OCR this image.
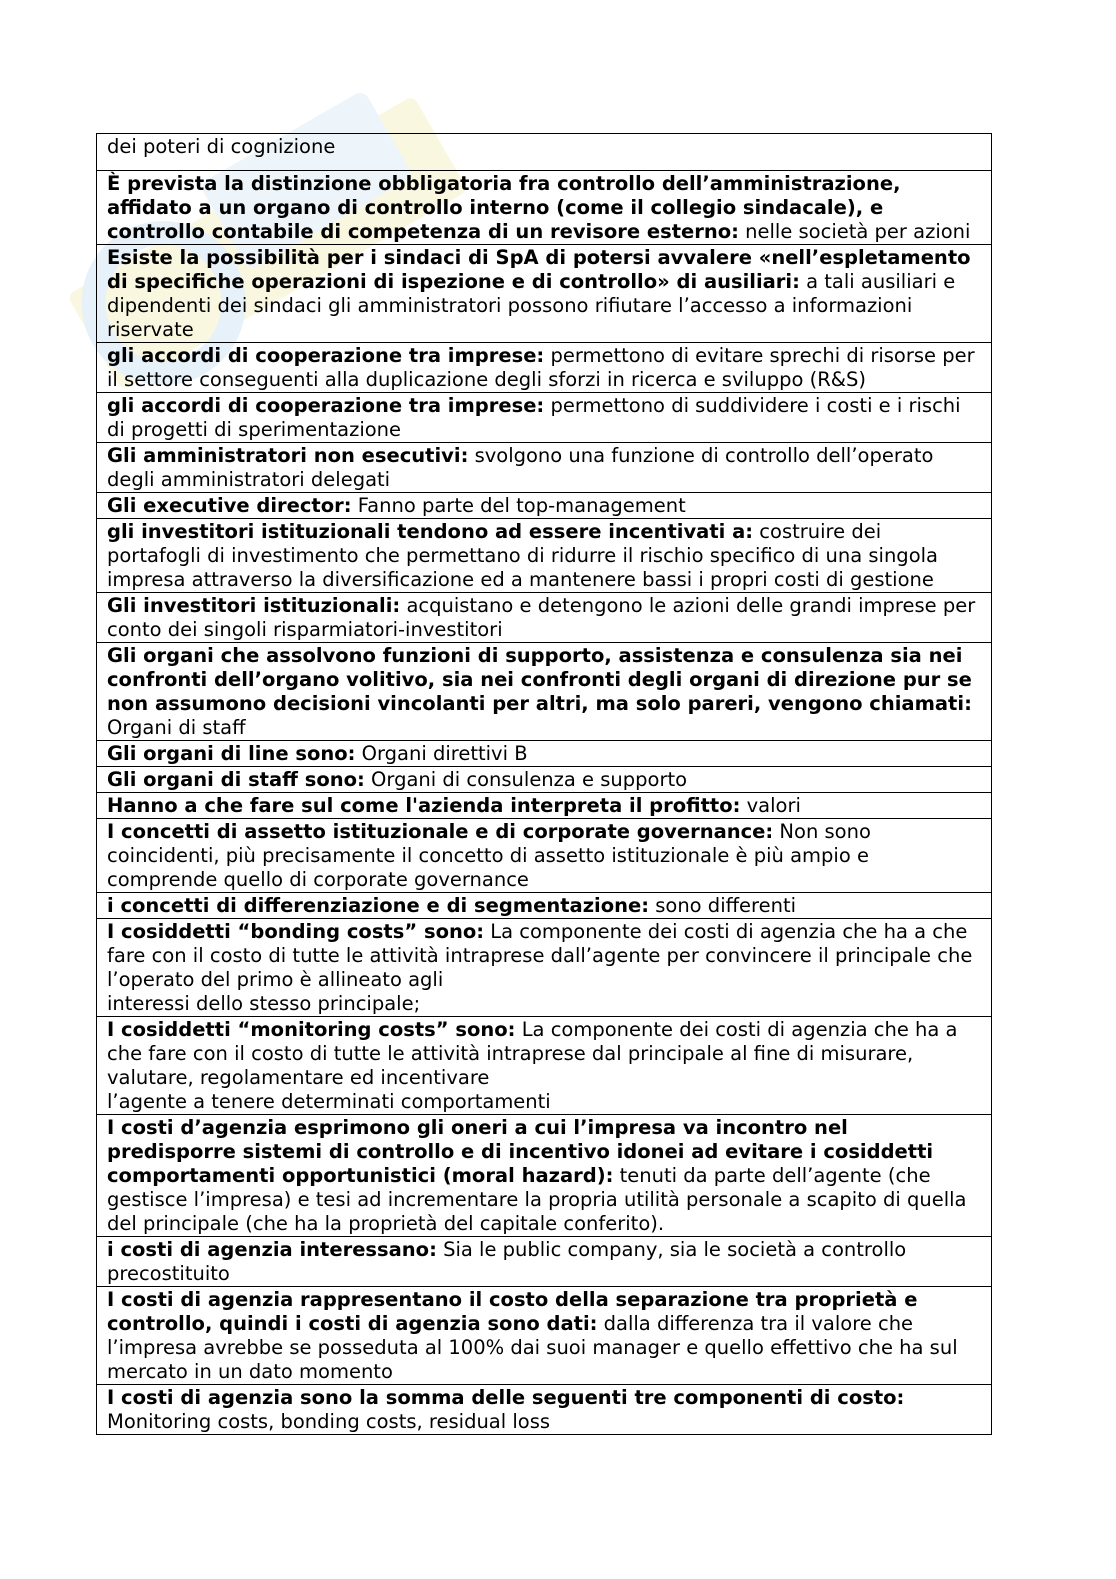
dei poteri di cognizione
È prevista la distinzione obbligatoria fra controllo dell’amministrazione, affidato a un organo di controllo interno (come il collegio sindacale), e controllo contabile di competenza di un revisore esterno: nelle società per azioni
Esiste la possibilità per i sindaci di SpA di potersi avvalere «nell’espletamento di specifiche operazioni di ispezione e di controllo» di ausiliari: a tali ausiliari e dipendenti dei sindaci gli amministratori possono rifiutare l’accesso a informazioni riservate
gli accordi di cooperazione tra imprese: permettono di evitare sprechi di risorse per il settore conseguenti alla duplicazione degli sforzi in ricerca e sviluppo (R&S)
gli accordi di cooperazione tra imprese: permettono di suddividere i costi e i rischi di progetti di sperimentazione
Gli amministratori non esecutivi: svolgono una funzione di controllo dell’operato degli amministratori delegati
Gli executive director: Fanno parte del top-management
gli investitori istituzionali tendono ad essere incentivati a: costruire dei portafogli di investimento che permettano di ridurre il rischio specifico di una singola impresa attraverso la diversificazione ed a mantenere bassi i propri costi di gestione
Gli investitori istituzionali: acquistano e detengono le azioni delle grandi imprese per conto dei singoli risparmiatori-investitori
Gli organi che assolvono funzioni di supporto, assistenza e consulenza sia nei confronti dell’organo volitivo, sia nei confronti degli organi di direzione pur se non assumono decisioni vincolanti per altri, ma solo pareri, vengono chiamati: Organi di staff
Gli organi di line sono: Organi direttivi B
Gli organi di staff sono: Organi di consulenza e supporto
Hanno a che fare sul come l'azienda interpreta il profitto: valori
I concetti di assetto istituzionale e di corporate governance: Non sono coincidenti, più precisamente il concetto di assetto istituzionale è più ampio e comprende quello di corporate governance
i concetti di differenziazione e di segmentazione: sono differenti
I cosiddetti “bonding costs” sono: La componente dei costi di agenzia che ha a che fare con il costo di tutte le attività intraprese dall’agente per convincere il principale che l’operato del primo è allineato agli
interessi dello stesso principale;
I cosiddetti “monitoring costs” sono: La componente dei costi di agenzia che ha a che fare con il costo di tutte le attività intraprese dal principale al fine di misurare, valutare, regolamentare ed incentivare
l’agente a tenere determinati comportamenti
I costi d’agenzia esprimono gli oneri a cui l’impresa va incontro nel predisporre sistemi di controllo e di incentivo idonei ad evitare i cosiddetti comportamenti opportunistici (moral hazard): tenuti da parte dell’agente (che gestisce l’impresa) e tesi ad incrementare la propria utilità personale a scapito di quella del principale (che ha la proprietà del capitale conferito).
i costi di agenzia interessano: Sia le public company, sia le società a controllo precostituito
I costi di agenzia rappresentano il costo della separazione tra proprietà e controllo, quindi i costi di agenzia sono dati: dalla differenza tra il valore che l’impresa avrebbe se posseduta al 100% dai suoi manager e quello effettivo che ha sul mercato in un dato momento
I costi di agenzia sono la somma delle seguenti tre componenti di costo: Monitoring costs, bonding costs, residual loss
